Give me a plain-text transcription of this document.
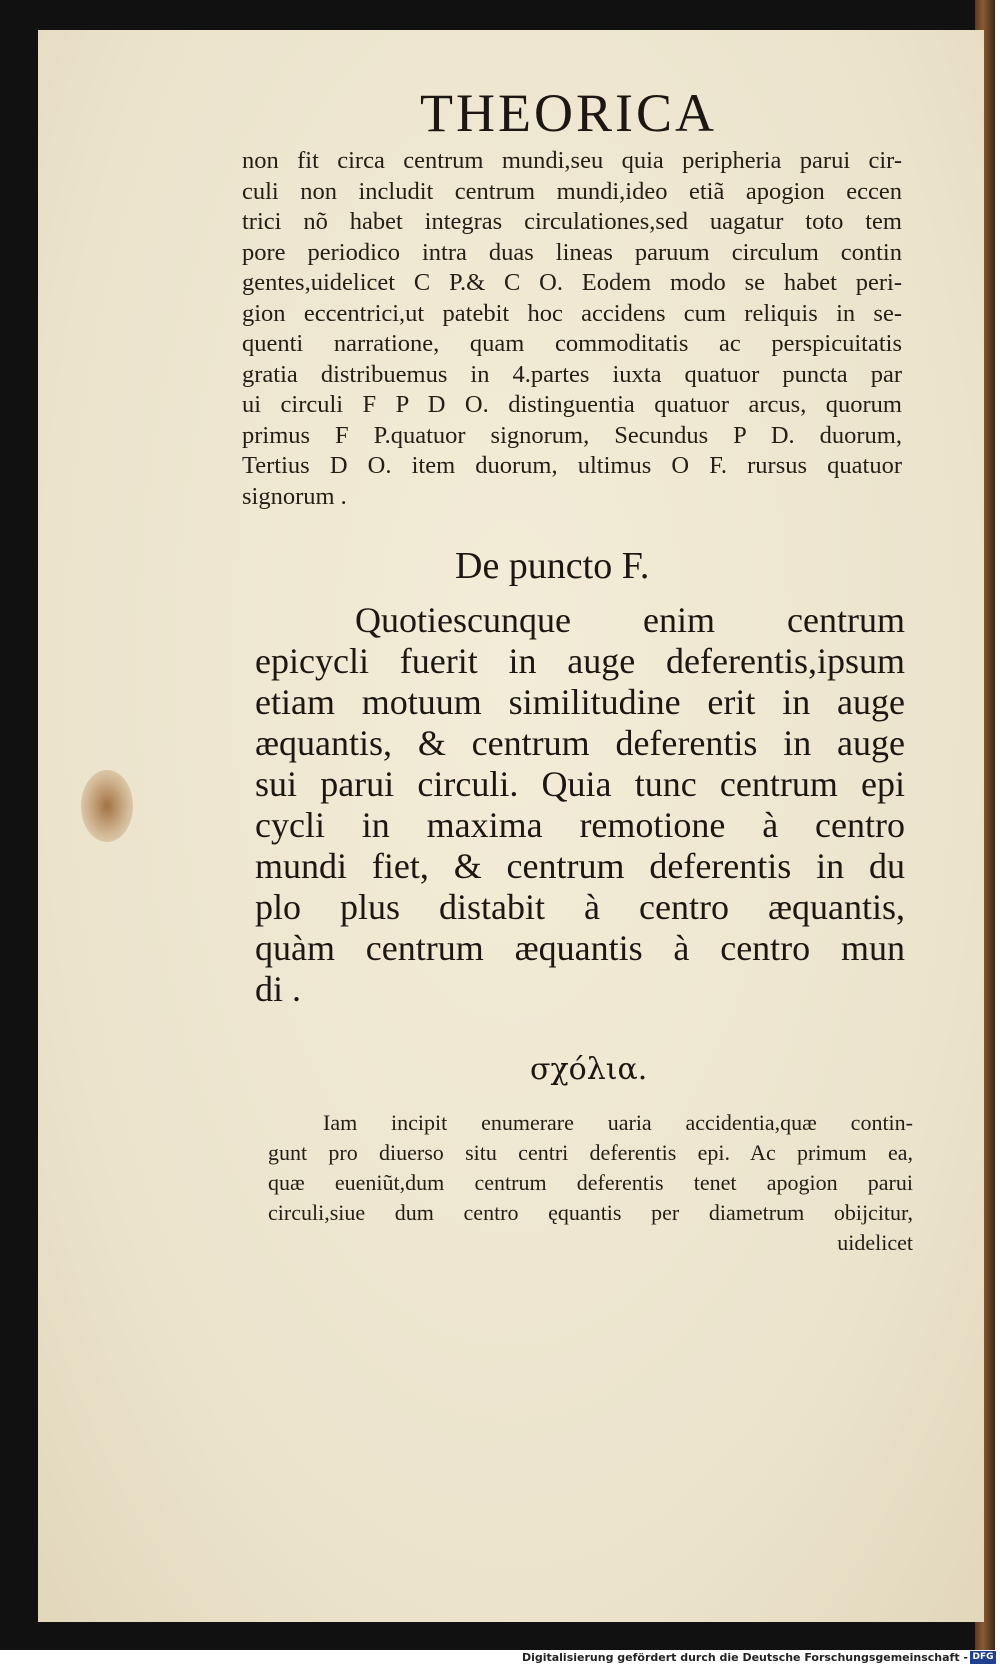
THEORICA
non fit circa centrum mundi,seu quia peripheria parui cir-
culi non includit centrum mundi,ideo etiã apogion eccen
trici nõ habet integras circulationes,sed uagatur toto tem
pore periodico intra duas lineas paruum circulum contin
gentes,uidelicet C P.& C O. Eodem modo se habet peri-
gion eccentrici,ut patebit hoc accidens cum reliquis in se-
quenti narratione, quam commoditatis ac perspicuitatis
gratia distribuemus in 4.partes iuxta quatuor puncta par
ui circuli F P D O. distinguentia quatuor arcus, quorum
primus F P.quatuor signorum, Secundus P D. duorum,
Tertius D O. item duorum, ultimus O F. rursus quatuor
signorum .
De puncto F.
Quotiescunque enim centrum
epicycli fuerit in auge deferentis,ipsum
etiam motuum similitudine erit in auge
æquantis, & centrum deferentis in auge
sui parui circuli. Quia tunc centrum epi
cycli in maxima remotione à centro
mundi fiet, & centrum deferentis in du
plo plus distabit à centro æquantis,
quàm centrum æquantis à centro mun
di .
σχόλια.
Iam incipit enumerare uaria accidentia,quæ contin-
gunt pro diuerso situ centri deferentis epi. Ac primum ea,
quæ eueniũt,dum centrum deferentis tenet apogion parui
circuli,siue dum centro ęquantis per diametrum obijcitur,
uidelicet
Digitalisierung gefördert durch die Deutsche Forschungsgemeinschaft - DFG
